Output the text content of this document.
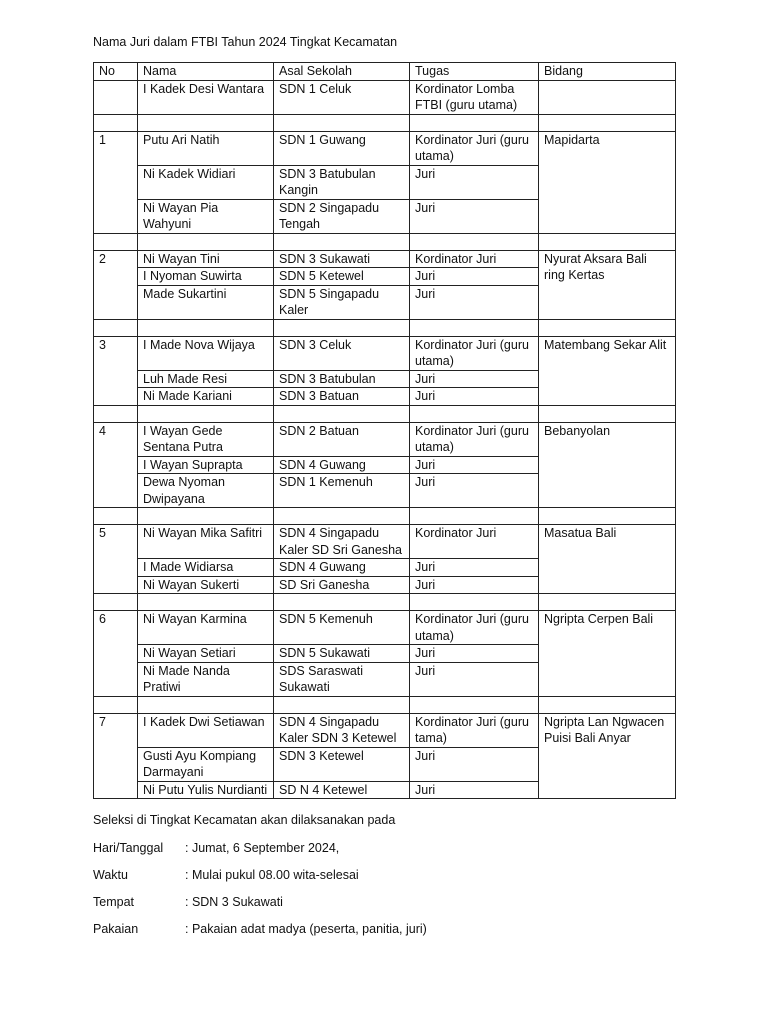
Nama Juri dalam FTBI Tahun 2024 Tingkat Kecamatan
No	Nama	Asal Sekolah	Tugas	Bidang
	I Kadek Desi Wantara	SDN 1 Celuk	Kordinator Lomba FTBI (guru utama)	

1	Putu Ari Natih	SDN 1 Guwang	Kordinator Juri (guru utama)	Mapidarta
	Ni Kadek Widiari	SDN 3 Batubulan Kangin	Juri	
	Ni Wayan Pia Wahyuni	SDN 2 Singapadu Tengah	Juri	

2	Ni Wayan Tini	SDN 3 Sukawati	Kordinator Juri	Nyurat Aksara Bali ring Kertas
	I Nyoman Suwirta	SDN 5 Ketewel	Juri	
	Made Sukartini	SDN 5 Singapadu Kaler	Juri	

3	I Made Nova Wijaya	SDN 3 Celuk	Kordinator Juri (guru utama)	Matembang Sekar Alit
	Luh Made Resi	SDN 3 Batubulan	Juri	
	Ni Made Kariani	SDN 3 Batuan	Juri	

4	I Wayan Gede Sentana Putra	SDN 2 Batuan	Kordinator Juri (guru utama)	Bebanyolan
	I Wayan Suprapta	SDN 4 Guwang	Juri	
	Dewa Nyoman Dwipayana	SDN 1 Kemenuh	Juri	

5	Ni Wayan Mika Safitri	SDN 4 Singapadu Kaler SD Sri Ganesha	Kordinator Juri	Masatua Bali
	I Made Widiarsa	SDN 4 Guwang	Juri	
	Ni Wayan Sukerti	SD Sri Ganesha	Juri	

6	Ni Wayan Karmina	SDN 5 Kemenuh	Kordinator Juri (guru utama)	Ngripta Cerpen Bali
	Ni Wayan Setiari	SDN 5 Sukawati	Juri	
	Ni Made Nanda Pratiwi	SDS Saraswati Sukawati	Juri	

7	I Kadek Dwi Setiawan	SDN 4 Singapadu Kaler SDN 3 Ketewel	Kordinator Juri (guru tama)	Ngripta Lan Ngwacen Puisi Bali Anyar
	Gusti Ayu Kompiang Darmayani	SDN 3 Ketewel	Juri	
	Ni Putu Yulis Nurdianti	SD N 4 Ketewel	Juri	
Seleksi di Tingkat Kecamatan akan dilaksanakan pada
Hari/Tanggal : Jumat, 6 September 2024,
Waktu	: Mulai pukul 08.00 wita-selesai
Tempat	: SDN 3 Sukawati
Pakaian	: Pakaian adat madya (peserta, panitia, juri)
